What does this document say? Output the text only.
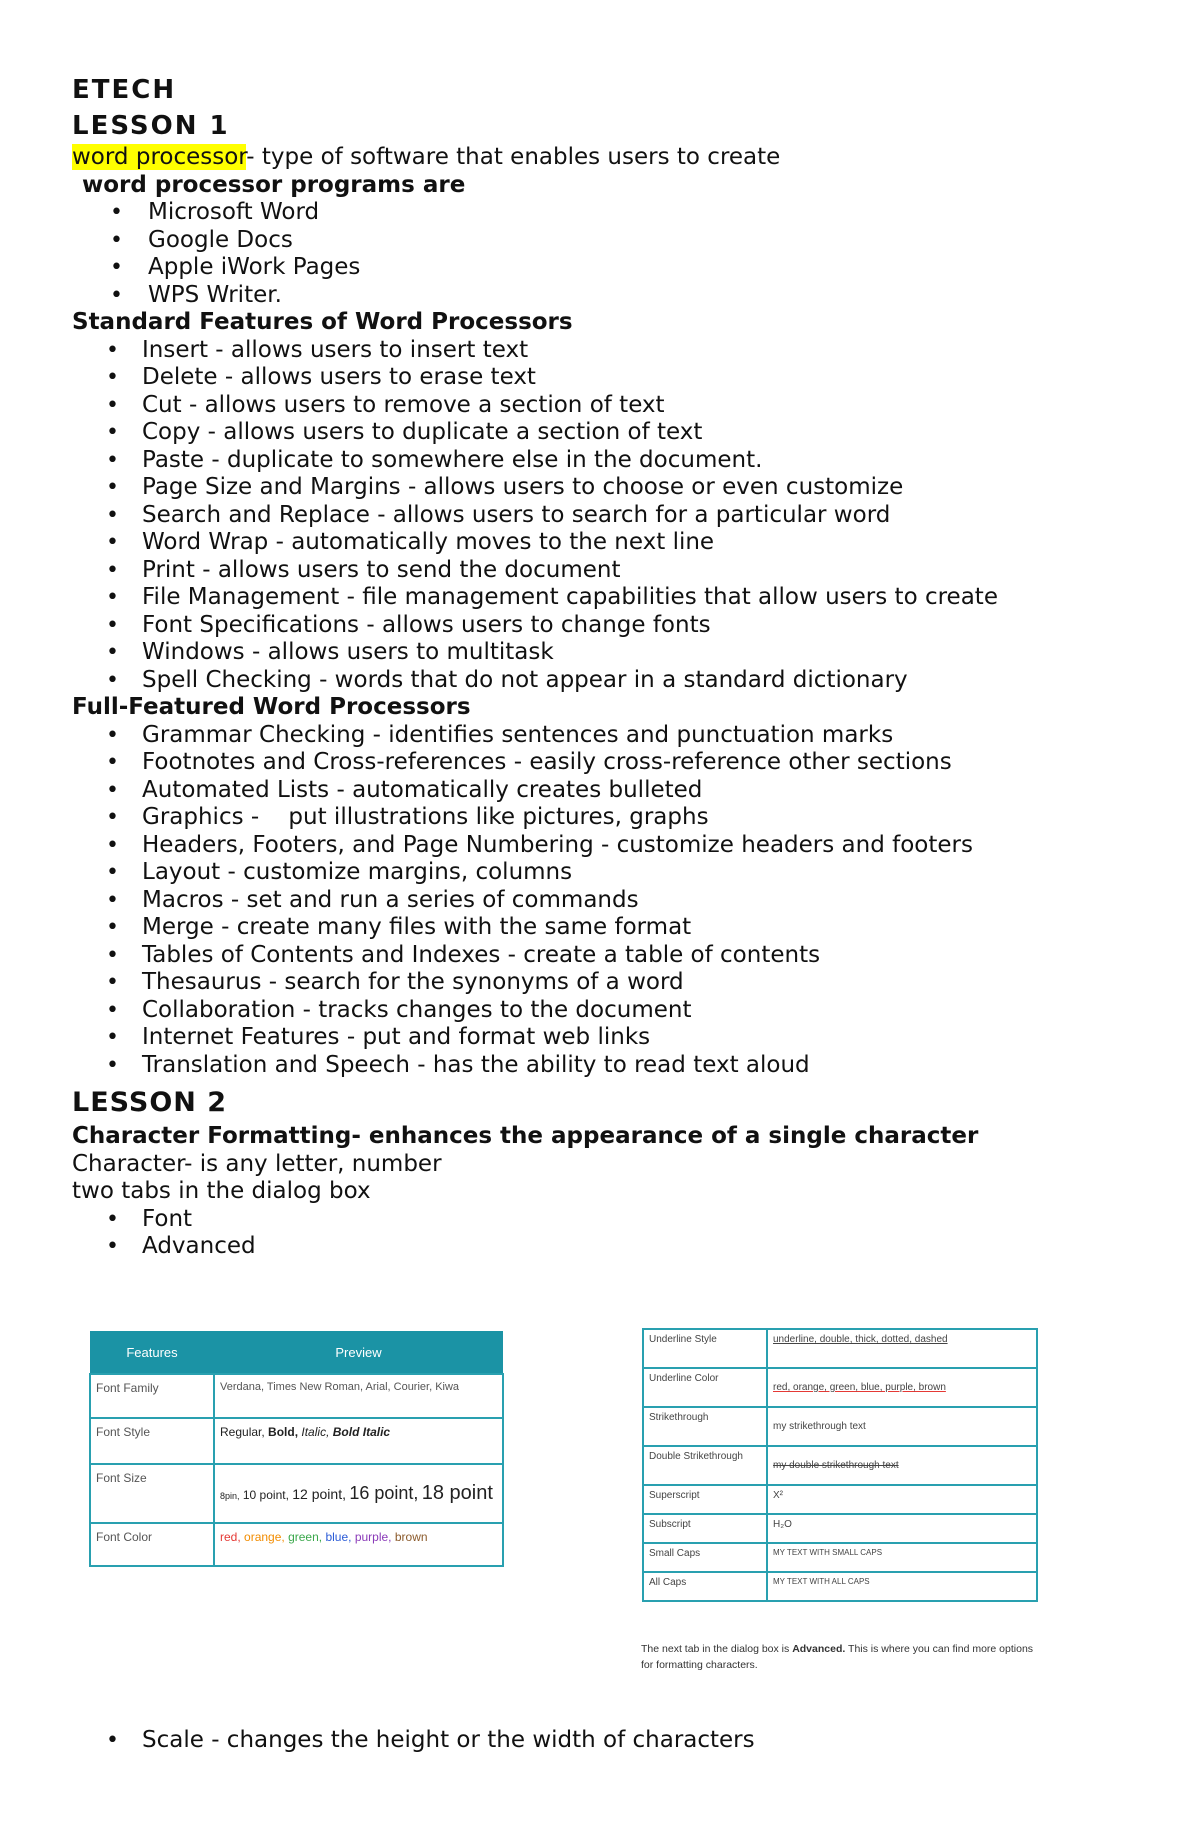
ETECH
LESSON 1
word processor- type of software that enables users to create
word processor programs are
• Microsoft Word
• Google Docs
• Apple iWork Pages
• WPS Writer.
Standard Features of Word Processors
• Insert - allows users to insert text
• Delete - allows users to erase text
• Cut - allows users to remove a section of text
• Copy - allows users to duplicate a section of text
• Paste - duplicate to somewhere else in the document.
• Page Size and Margins - allows users to choose or even customize
• Search and Replace - allows users to search for a particular word
• Word Wrap - automatically moves to the next line
• Print - allows users to send the document
• File Management - file management capabilities that allow users to create
• Font Specifications - allows users to change fonts
• Windows - allows users to multitask
• Spell Checking - words that do not appear in a standard dictionary
Full-Featured Word Processors
• Grammar Checking - identifies sentences and punctuation marks
• Footnotes and Cross-references - easily cross-reference other sections
• Automated Lists - automatically creates bulleted
• Graphics -    put illustrations like pictures, graphs
• Headers, Footers, and Page Numbering - customize headers and footers
• Layout - customize margins, columns
• Macros - set and run a series of commands
• Merge - create many files with the same format
• Tables of Contents and Indexes - create a table of contents
• Thesaurus - search for the synonyms of a word
• Collaboration - tracks changes to the document
• Internet Features - put and format web links
• Translation and Speech - has the ability to read text aloud
LESSON 2
Character Formatting- enhances the appearance of a single character
Character- is any letter, number
two tabs in the dialog box
• Font
• Advanced
Features	Preview
Font Family	Verdana, Times New Roman, Arial, Courier, Kiwa
Font Style	Regular, Bold, Italic, Bold Italic
Font Size	8pin, 10 point, 12 point, 16 point, 18 point
Font Color	red, orange, green, blue, purple, brown
Underline Style	underline, double, thick, dotted, dashed
Underline Color	red, orange, green, blue, purple, brown
Strikethrough	my strikethrough text
Double Strikethrough	my double strikethrough text
Superscript	X²
Subscript	H₂O
Small Caps	MY TEXT WITH SMALL CAPS
All Caps	MY TEXT WITH ALL CAPS
The next tab in the dialog box is Advanced. This is where you can find more options for formatting characters.
• Scale - changes the height or the width of characters
